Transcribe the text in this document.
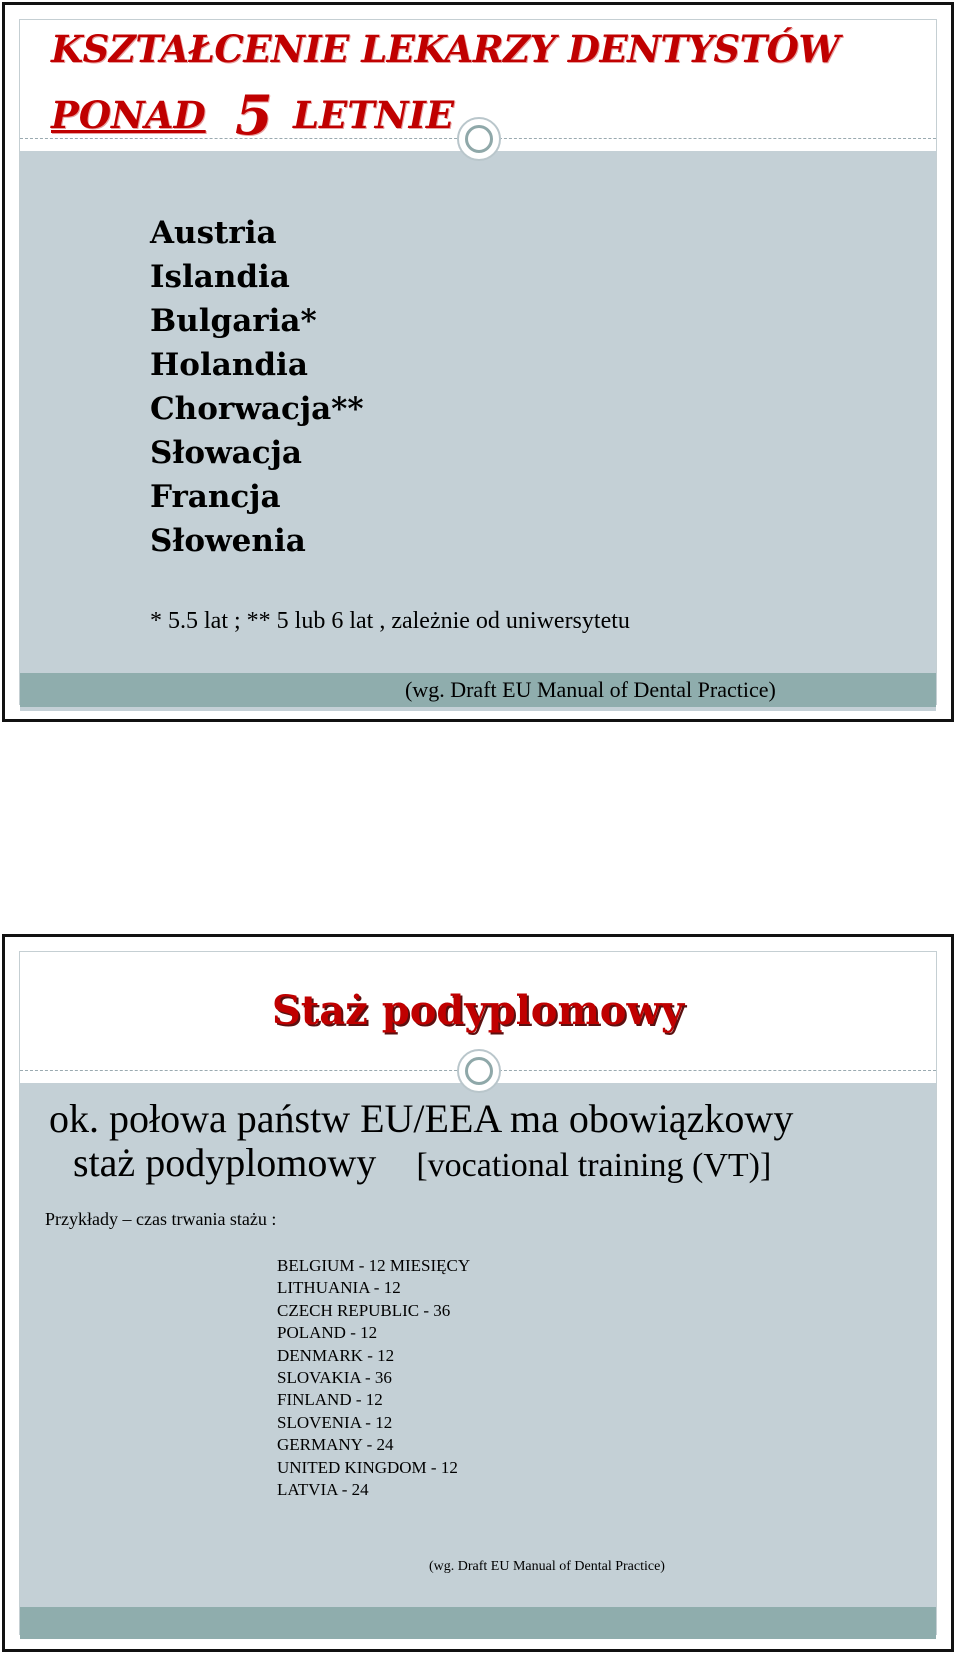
KSZTAŁCENIE LEKARZY DENTYSTÓW
PONAD 5 LETNIE
Austria
Islandia
Bulgaria*
Holandia
Chorwacja**
Słowacja
Francja
Słowenia
* 5.5 lat ; ** 5 lub 6 lat , zależnie od uniwersytetu
(wg. Draft EU Manual of Dental Practice)
Staż podyplomowy
ok. połowa państw EU/EEA ma obowiązkowy
staż podyplomowy [vocational training (VT)]
Przykłady – czas trwania stażu :
BELGIUM - 12 MIESIĘCY
LITHUANIA - 12
CZECH REPUBLIC - 36
POLAND - 12
DENMARK - 12
SLOVAKIA - 36
FINLAND - 12
SLOVENIA - 12
GERMANY - 24
UNITED KINGDOM - 12
LATVIA - 24
(wg. Draft EU Manual of Dental Practice)
